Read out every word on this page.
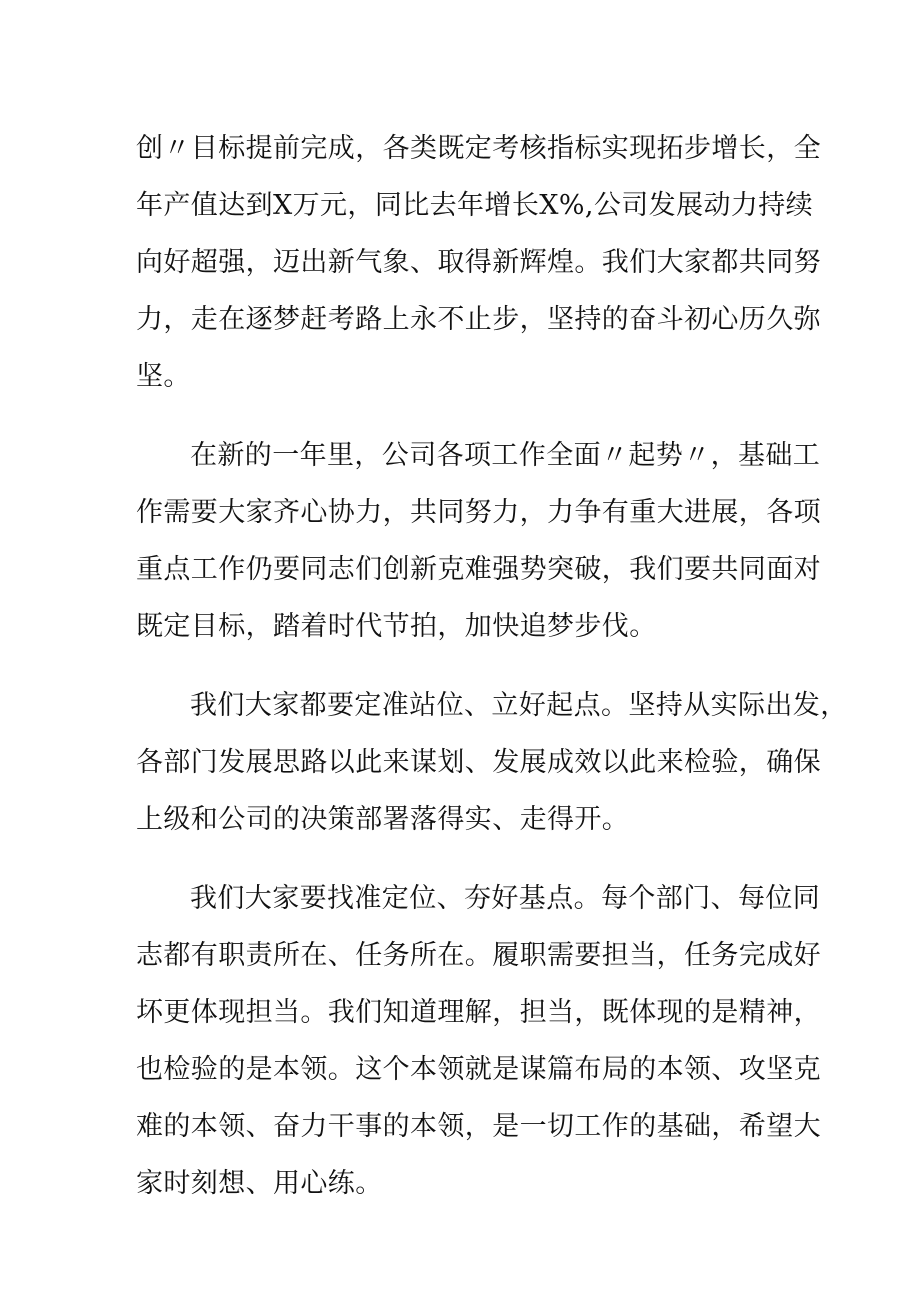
创〃目标提前完成，各类既定考核指标实现拓步增长，全
年产值达到X万元，同比去年增长X%,公司发展动力持续
向好超强，迈出新气象、取得新辉煌。我们大家都共同努
力，走在逐梦赶考路上永不止步，坚持的奋斗初心历久弥
坚。
在新的一年里，公司各项工作全面〃起势〃，基础工
作需要大家齐心协力，共同努力，力争有重大进展，各项
重点工作仍要同志们创新克难强势突破，我们要共同面对
既定目标，踏着时代节拍，加快追梦步伐。
我们大家都要定准站位、立好起点。坚持从实际出发，
各部门发展思路以此来谋划、发展成效以此来检验，确保
上级和公司的决策部署落得实、走得开。
我们大家要找准定位、夯好基点。每个部门、每位同
志都有职责所在、任务所在。履职需要担当，任务完成好
坏更体现担当。我们知道理解，担当，既体现的是精神，
也检验的是本领。这个本领就是谋篇布局的本领、攻坚克
难的本领、奋力干事的本领，是一切工作的基础，希望大
家时刻想、用心练。
